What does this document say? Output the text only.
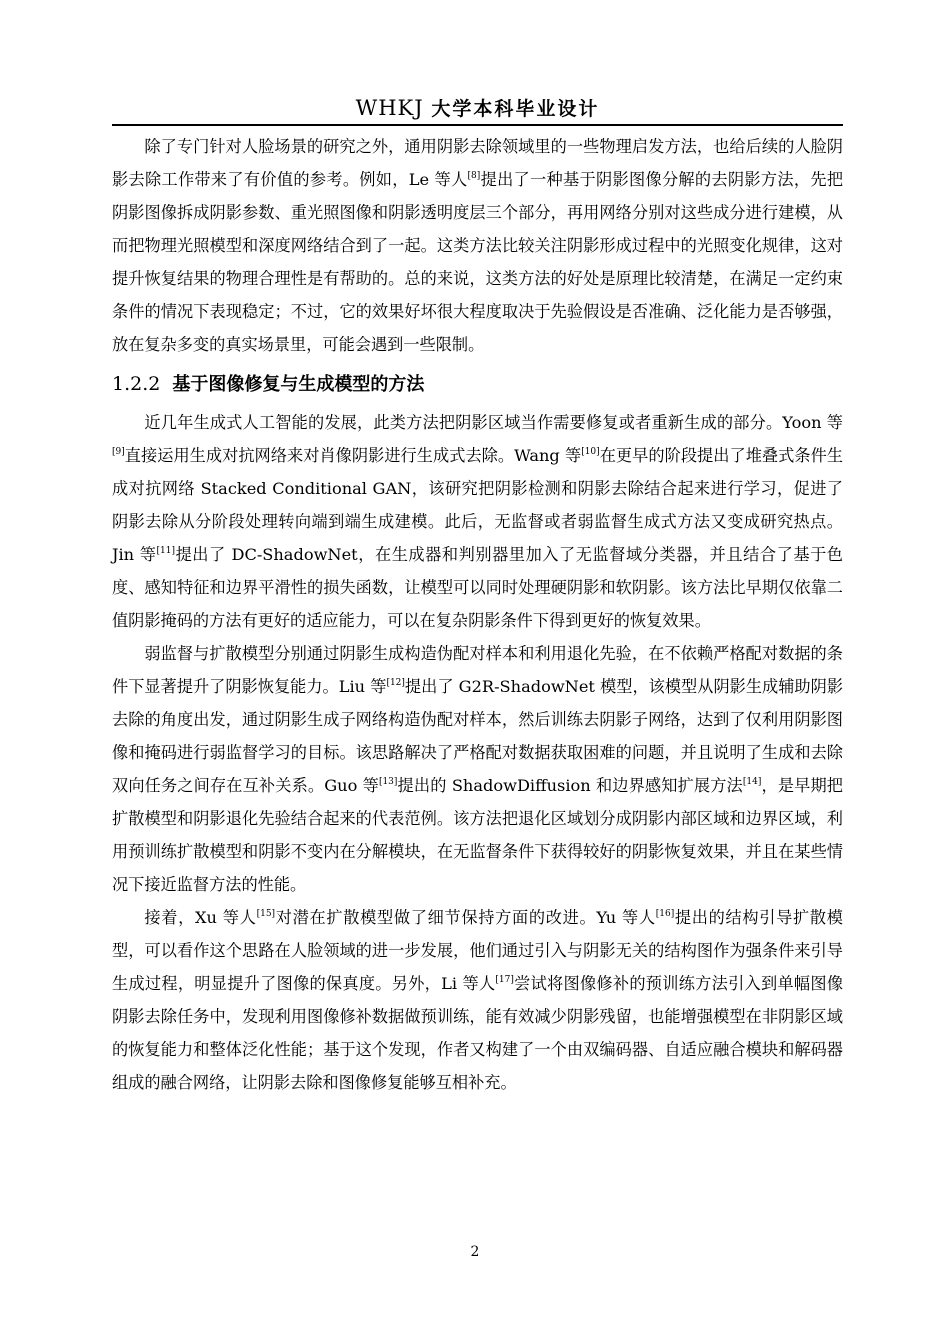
WHKJ 大学本科毕业设计

除了专门针对人脸场景的研究之外，通用阴影去除领域里的一些物理启发方法，也给后续的人脸阴影去除工作带来了有价值的参考。例如，Le 等人[8]提出了一种基于阴影图像分解的去阴影方法，先把阴影图像拆成阴影参数、重光照图像和阴影透明度层三个部分，再用网络分别对这些成分进行建模，从而把物理光照模型和深度网络结合到了一起。这类方法比较关注阴影形成过程中的光照变化规律，这对提升恢复结果的物理合理性是有帮助的。总的来说，这类方法的好处是原理比较清楚，在满足一定约束条件的情况下表现稳定；不过，它的效果好坏很大程度取决于先验假设是否准确、泛化能力是否够强，放在复杂多变的真实场景里，可能会遇到一些限制。

1.2.2 基于图像修复与生成模型的方法

近几年生成式人工智能的发展，此类方法把阴影区域当作需要修复或者重新生成的部分。Yoon 等[9]直接运用生成对抗网络来对肖像阴影进行生成式去除。Wang 等[10]在更早的阶段提出了堆叠式条件生成对抗网络 Stacked Conditional GAN，该研究把阴影检测和阴影去除结合起来进行学习，促进了阴影去除从分阶段处理转向端到端生成建模。此后，无监督或者弱监督生成式方法又变成研究热点。Jin 等[11]提出了 DC-ShadowNet，在生成器和判别器里加入了无监督域分类器，并且结合了基于色度、感知特征和边界平滑性的损失函数，让模型可以同时处理硬阴影和软阴影。该方法比早期仅依靠二值阴影掩码的方法有更好的适应能力，可以在复杂阴影条件下得到更好的恢复效果。

弱监督与扩散模型分别通过阴影生成构造伪配对样本和利用退化先验，在不依赖严格配对数据的条件下显著提升了阴影恢复能力。Liu 等[12]提出了 G2R-ShadowNet 模型，该模型从阴影生成辅助阴影去除的角度出发，通过阴影生成子网络构造伪配对样本，然后训练去阴影子网络，达到了仅利用阴影图像和掩码进行弱监督学习的目标。该思路解决了严格配对数据获取困难的问题，并且说明了生成和去除双向任务之间存在互补关系。Guo 等[13]提出的 ShadowDiffusion 和边界感知扩展方法[14]，是早期把扩散模型和阴影退化先验结合起来的代表范例。该方法把退化区域划分成阴影内部区域和边界区域，利用预训练扩散模型和阴影不变内在分解模块，在无监督条件下获得较好的阴影恢复效果，并且在某些情况下接近监督方法的性能。

接着，Xu 等人[15]对潜在扩散模型做了细节保持方面的改进。Yu 等人[16]提出的结构引导扩散模型，可以看作这个思路在人脸领域的进一步发展，他们通过引入与阴影无关的结构图作为强条件来引导生成过程，明显提升了图像的保真度。另外，Li 等人[17]尝试将图像修补的预训练方法引入到单幅图像阴影去除任务中，发现利用图像修补数据做预训练，能有效减少阴影残留，也能增强模型在非阴影区域的恢复能力和整体泛化性能；基于这个发现，作者又构建了一个由双编码器、自适应融合模块和解码器组成的融合网络，让阴影去除和图像修复能够互相补充。

2
